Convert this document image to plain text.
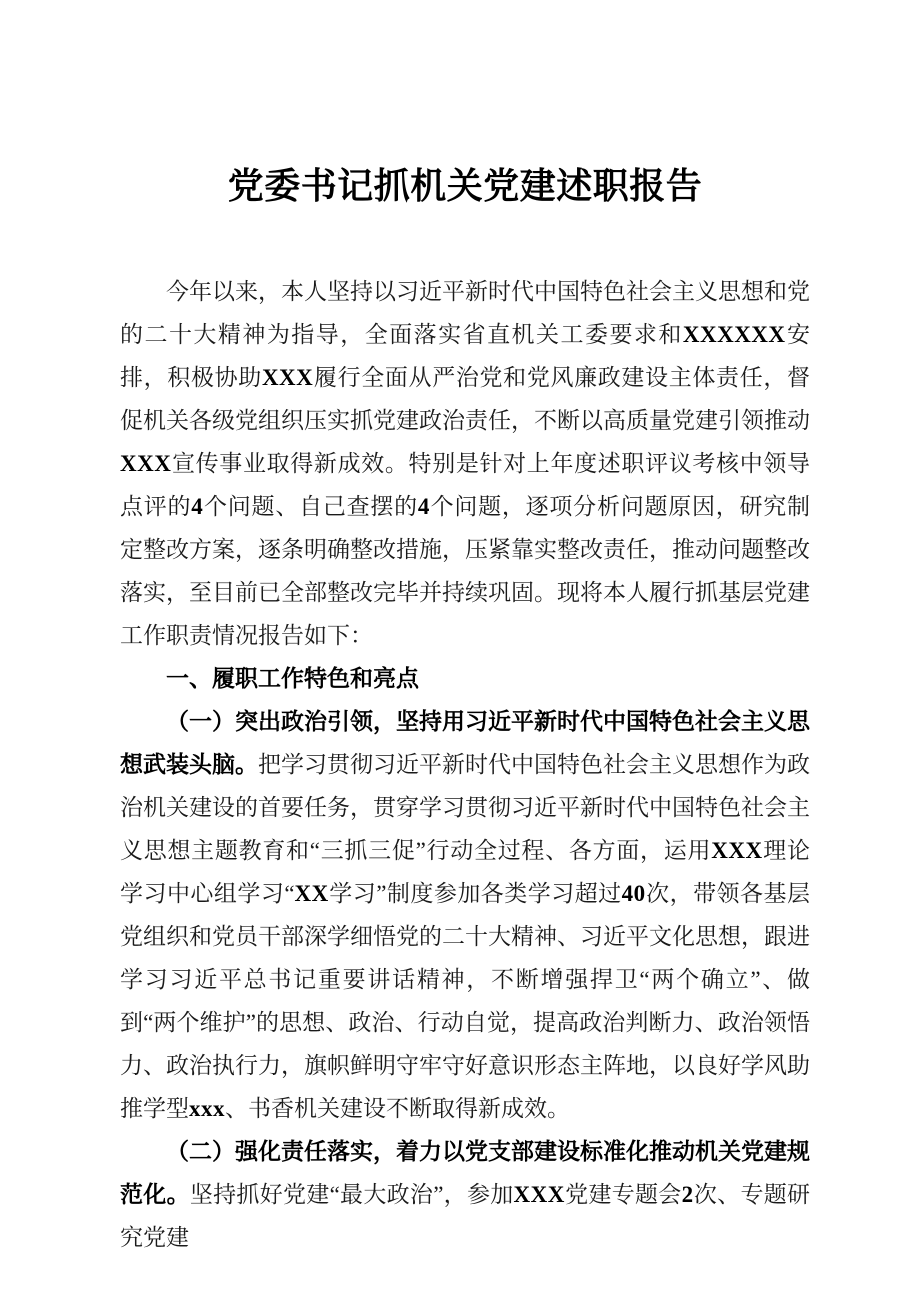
党委书记抓机关党建述职报告

今年以来，本人坚持以习近平新时代中国特色社会主义思想和党的二十大精神为指导，全面落实省直机关工委要求和XXXXXX安排，积极协助XXX履行全面从严治党和党风廉政建设主体责任，督促机关各级党组织压实抓党建政治责任，不断以高质量党建引领推动XXX宣传事业取得新成效。特别是针对上年度述职评议考核中领导点评的4个问题、自己查摆的4个问题，逐项分析问题原因，研究制定整改方案，逐条明确整改措施，压紧靠实整改责任，推动问题整改落实，至目前已全部整改完毕并持续巩固。现将本人履行抓基层党建工作职责情况报告如下：

一、履职工作特色和亮点

（一）突出政治引领，坚持用习近平新时代中国特色社会主义思想武装头脑。把学习贯彻习近平新时代中国特色社会主义思想作为政治机关建设的首要任务，贯穿学习贯彻习近平新时代中国特色社会主义思想主题教育和“三抓三促”行动全过程、各方面，运用XXX理论学习中心组学习“XX学习”制度参加各类学习超过40次，带领各基层党组织和党员干部深学细悟党的二十大精神、习近平文化思想，跟进学习习近平总书记重要讲话精神，不断增强捍卫“两个确立”、做到“两个维护”的思想、政治、行动自觉，提高政治判断力、政治领悟力、政治执行力，旗帜鲜明守牢守好意识形态主阵地，以良好学风助推学型xxx、书香机关建设不断取得新成效。

（二）强化责任落实，着力以党支部建设标准化推动机关党建规范化。坚持抓好党建“最大政治”，参加XXX党建专题会2次、专题研究党建
